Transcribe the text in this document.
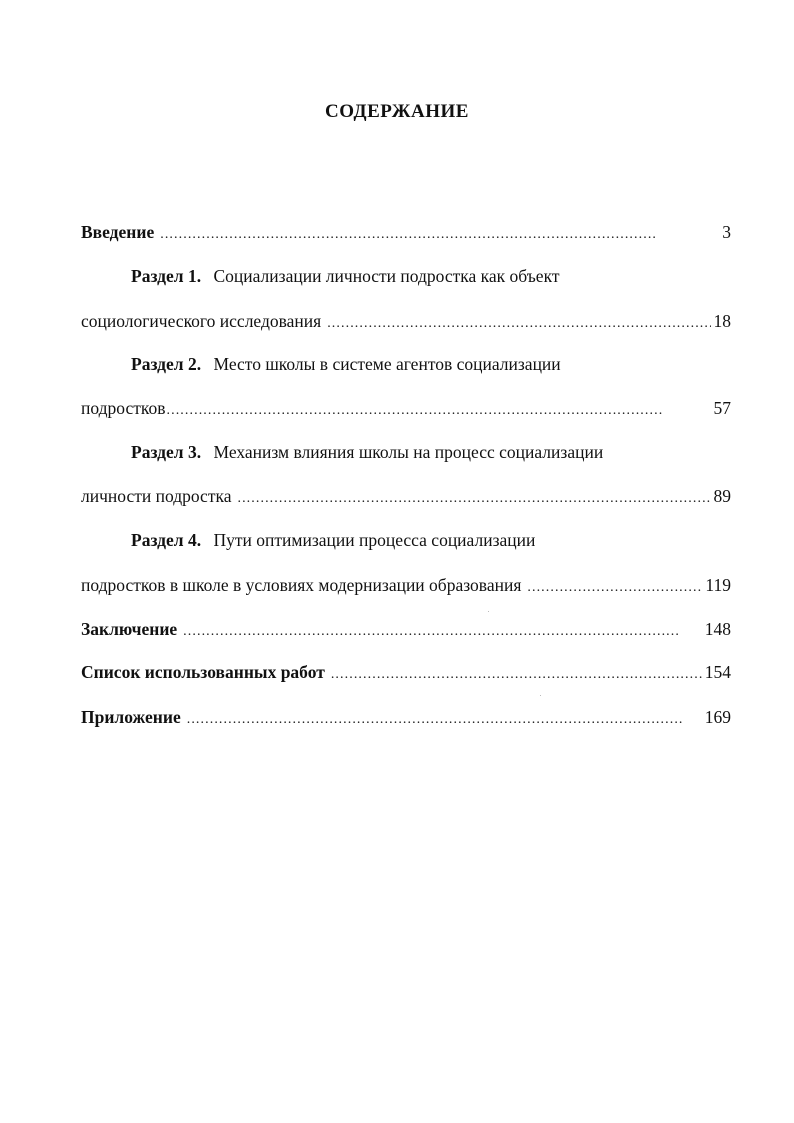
СОДЕРЖАНИЕ
Введение . . .	3
Раздел 1. Социализации личности подростка как объект
социологического исследования . . .	18
Раздел 2. Место школы в системе агентов социализации
подростков . . .	57
Раздел 3. Механизм влияния школы на процесс социализации
личности подростка . . .	89
Раздел 4. Пути оптимизации процесса социализации
подростков в школе в условиях модернизации образования . . .	119
Заключение . . .	148
Список использованных работ . . .	154
Приложение . . .	169
